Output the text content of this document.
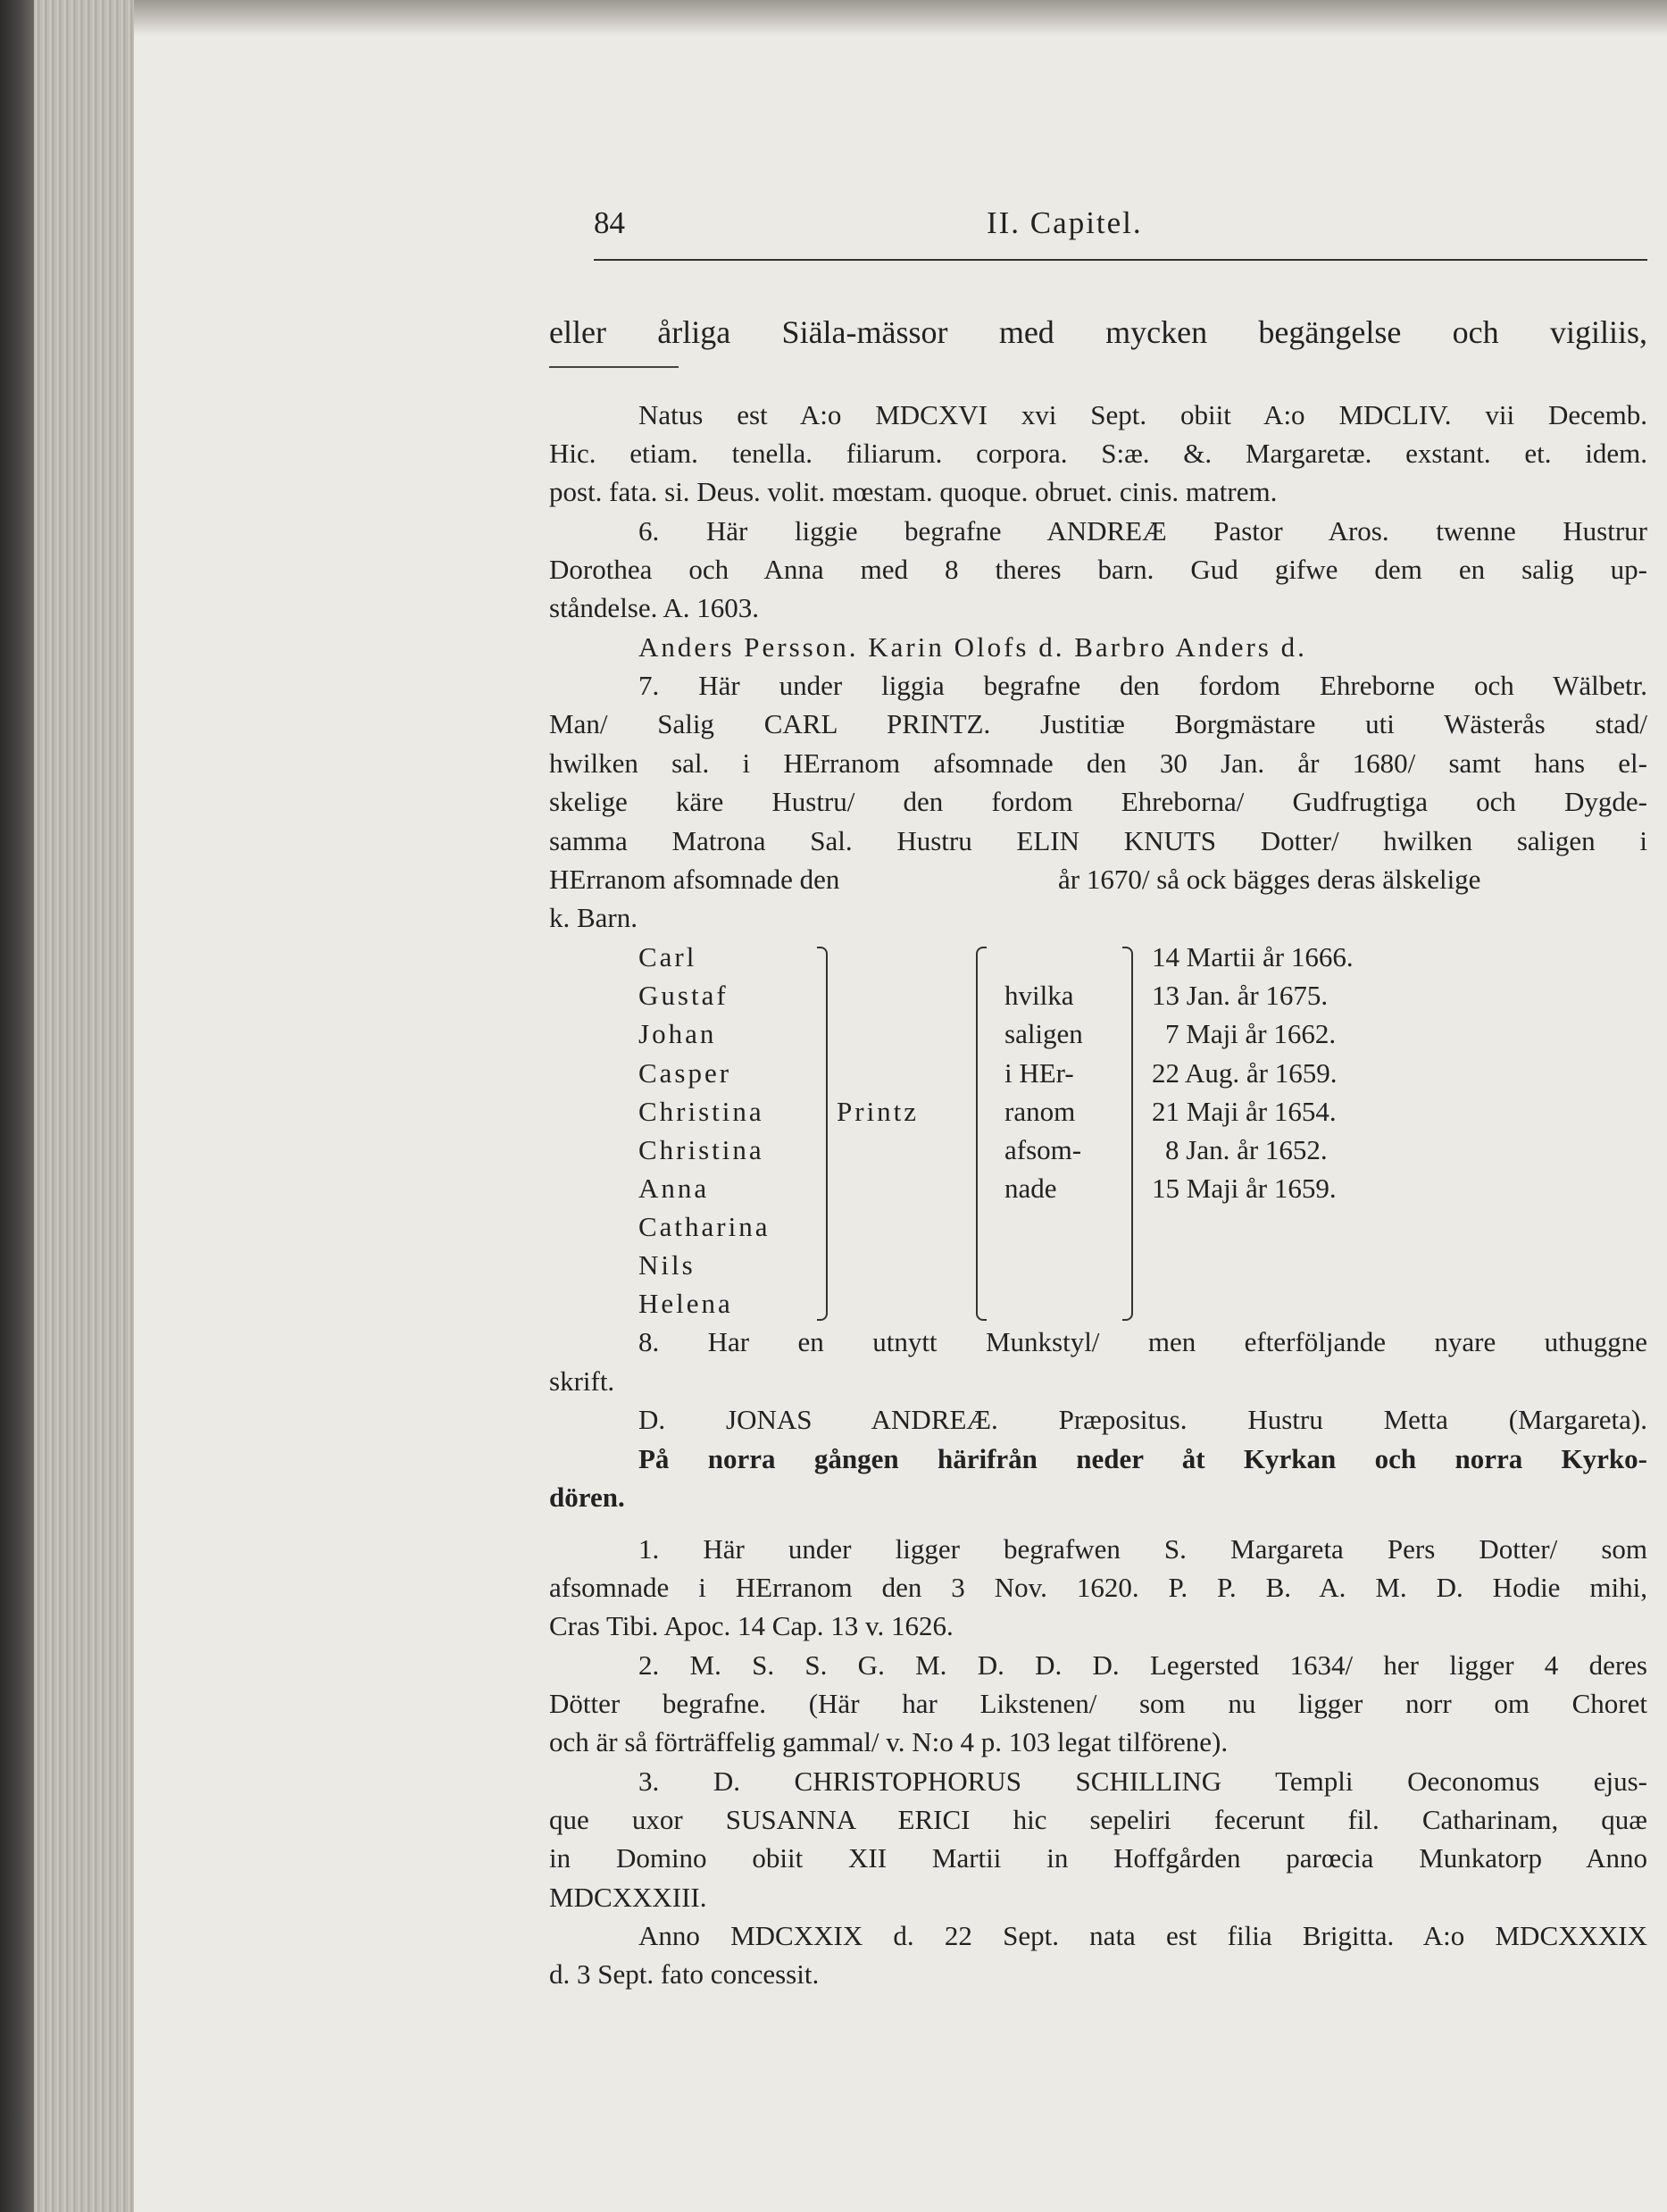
84	II. Capitel.
eller årliga Siäla-mässor med mycken begängelse och vigiliis,
Natus est A:o MDCXVI xvi Sept. obiit A:o MDCLIV. vii Decemb.
Hic. etiam. tenella. filiarum. corpora. S:æ. &. Margaretæ. exstant. et. idem.
post. fata. si. Deus. volit. mœstam. quoque. obruet. cinis. matrem.
6. Här liggie begrafne ANDREÆ Pastor Aros. twenne Hustrur
Dorothea och Anna med 8 theres barn. Gud gifwe dem en salig up-
ståndelse. A. 1603.
Anders Persson. Karin Olofs d. Barbro Anders d.
7. Här under liggia begrafne den fordom Ehreborne och Wälbetr.
Man/ Salig CARL PRINTZ. Justitiæ Borgmästare uti Wästerås stad/
hwilken sal. i HErranom afsomnade den 30 Jan. år 1680/ samt hans el-
skelige käre Hustru/ den fordom Ehreborna/ Gudfrugtiga och Dygde-
samma Matrona Sal. Hustru ELIN KNUTS Dotter/ hwilken saligen i
HErranom afsomnade den	år 1670/ så ock bägges deras älskelige
k. Barn.
Carl
Gustaf
Johan
Casper
Christina
Christina
Anna
Catharina
Nils
Helena
Printz
hvilka
saligen
i HEr-
ranom
afsom-
nade
14 Martii år 1666.
13 Jan. år 1675.
7 Maji år 1662.
22 Aug. år 1659.
21 Maji år 1654.
8 Jan. år 1652.
15 Maji år 1659.
8. Har en utnytt Munkstyl/ men efterföljande nyare uthuggne
skrift.
D. JONAS ANDREÆ. Præpositus. Hustru Metta (Margareta).
På norra gången härifrån neder åt Kyrkan och norra Kyrko-
dören.
1. Här under ligger begrafwen S. Margareta Pers Dotter/ som
afsomnade i HErranom den 3 Nov. 1620. P. P. B. A. M. D. Hodie mihi,
Cras Tibi. Apoc. 14 Cap. 13 v. 1626.
2. M. S. S. G. M. D. D. D. Legersted 1634/ her ligger 4 deres
Dötter begrafne. (Här har Likstenen/ som nu ligger norr om Choret
och är så förträffelig gammal/ v. N:o 4 p. 103 legat tilförene).
3. D. CHRISTOPHORUS SCHILLING Templi Oeconomus ejus-
que uxor SUSANNA ERICI hic sepeliri fecerunt fil. Catharinam, quæ
in Domino obiit XII Martii in Hoffgården parœcia Munkatorp Anno
MDCXXXIII.
Anno MDCXXIX d. 22 Sept. nata est filia Brigitta. A:o MDCXXXIX
d. 3 Sept. fato concessit.
